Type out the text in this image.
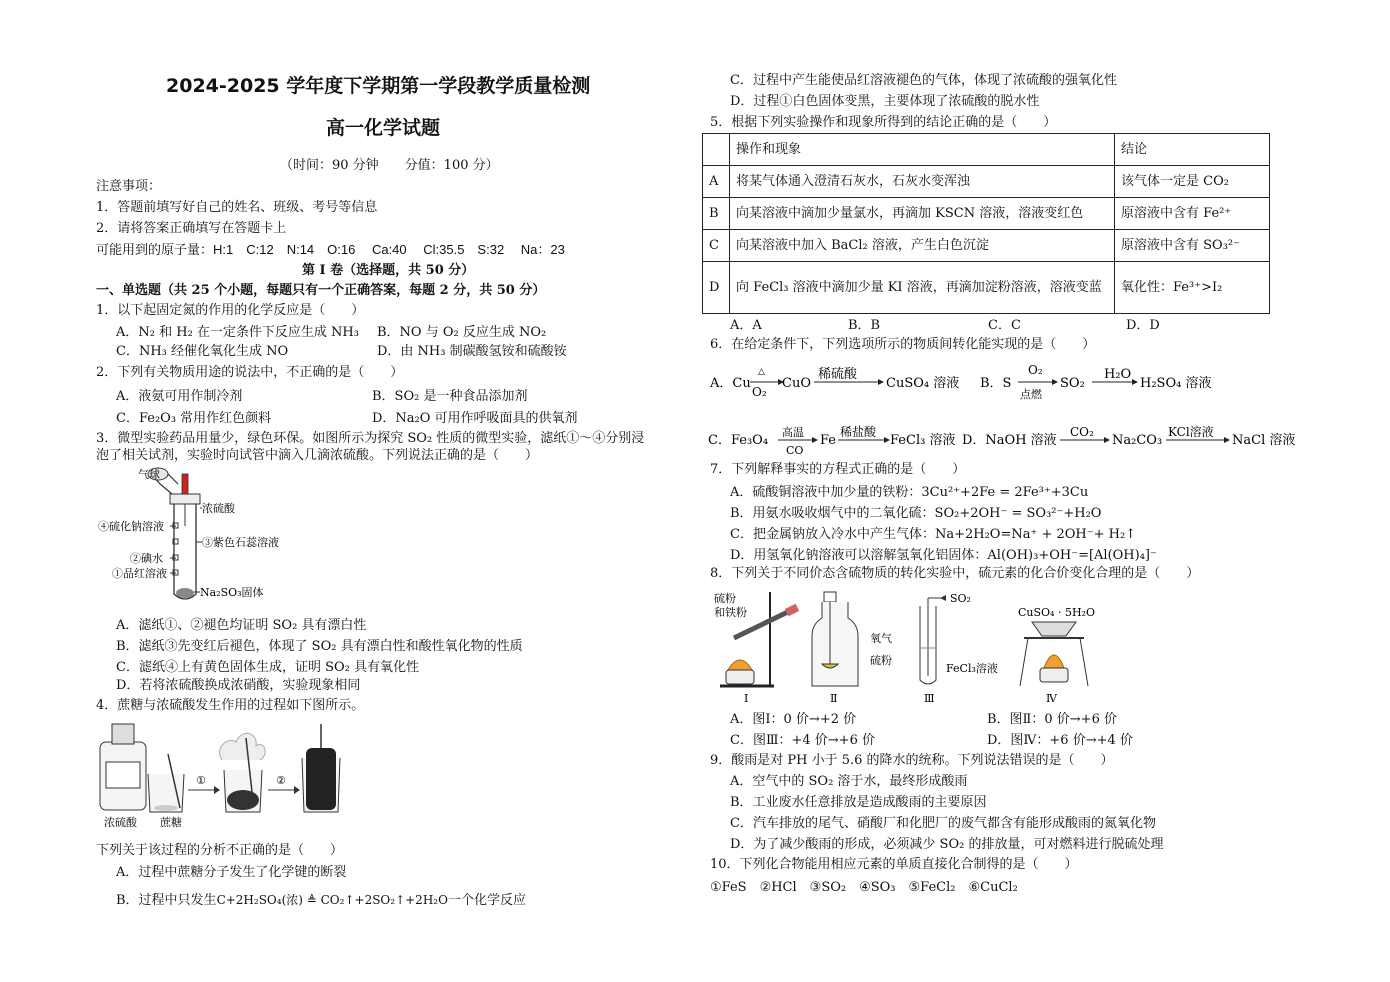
2024-2025 学年度下学期第一学段教学质量检测
高一化学试题
（时间：90 分钟　　分值：100 分）
注意事项：
1．答题前填写好自己的姓名、班级、考号等信息
2．请将答案正确填写在答题卡上
可能用到的原子量：H:1　C:12　N:14　O:16　 Ca:40　 Cl:35.5　S:32　 Na：23
第 I 卷（选择题，共 50 分）
一、单选题（共 25 个小题，每题只有一个正确答案，每题 2 分，共 50 分）
1．以下起固定氮的作用的化学反应是（　　）
A．N₂ 和 H₂ 在一定条件下反应生成 NH₃ B．NO 与 O₂ 反应生成 NO₂
C．NH₃ 经催化氧化生成 NO	D．由 NH₃ 制碳酸氢铵和硫酸铵
2．下列有关物质用途的说法中，不正确的是（　　）
A．液氨可用作制冷剂	B．SO₂ 是一种食品添加剂
C．Fe₂O₃ 常用作红色颜料	D．Na₂O 可用作呼吸面具的供氧剂
3．微型实验药品用量少，绿色环保。如图所示为探究 SO₂ 性质的微型实验，滤纸①～④分别浸
泡了相关试剂，实验时向试管中滴入几滴浓硫酸。下列说法正确的是（　　）
气球
浓硫酸
④硫化钠溶液
③紫色石蕊溶液
②碘水
①品红溶液
Na₂SO₃固体
A．滤纸①、②褪色均证明 SO₂ 具有漂白性
B．滤纸③先变红后褪色，体现了 SO₂ 具有漂白性和酸性氧化物的性质
C．滤纸④上有黄色固体生成，证明 SO₂ 具有氧化性
D．若将浓硫酸换成浓硝酸，实验现象相同
4．蔗糖与浓硫酸发生作用的过程如下图所示。
浓硫酸 蔗糖
①	②
下列关于该过程的分析不正确的是（　　）
A．过程中蔗糖分子发生了化学键的断裂
B．过程中只发生C+2H₂SO₄(浓) ≜ CO₂↑+2SO₂↑+2H₂O一个化学反应
C．过程中产生能使品红溶液褪色的气体，体现了浓硫酸的强氧化性
D．过程①白色固体变黑，主要体现了浓硫酸的脱水性
5．根据下列实验操作和现象所得到的结论正确的是（　　）
	操作和现象	结论
A	将某气体通入澄清石灰水，石灰水变浑浊	该气体一定是 CO₂
B	向某溶液中滴加少量氯水，再滴加 KSCN 溶液，溶液变红色	原溶液中含有 Fe²⁺
C	向某溶液中加入 BaCl₂ 溶液，产生白色沉淀	原溶液中含有 SO₃²⁻
D	向 FeCl₃ 溶液中滴加少量 KI 溶液，再滴加淀粉溶液，溶液变蓝	氧化性：Fe³⁺>I₂
A．A	B．B	C．C	D．D
6．在给定条件下，下列选项所示的物质间转化能实现的是（　　）
A．Cu
△
O₂
CuO
稀硫酸
CuSO₄ 溶液 B．S
O₂
点燃
SO₂
H₂O
H₂SO₄ 溶液
C．Fe₃O₄
高温
CO
Fe
稀盐酸
FeCl₃ 溶液 D．NaOH 溶液
CO₂
Na₂CO₃
KCl溶液
NaCl 溶液
7．下列解释事实的方程式正确的是（　　）
A．硫酸铜溶液中加少量的铁粉：3Cu²⁺+2Fe = 2Fe³⁺+3Cu
B．用氨水吸收烟气中的二氧化硫：SO₂+2OH⁻ = SO₃²⁻+H₂O
C．把金属钠放入冷水中产生气体：Na+2H₂O=Na⁺ + 2OH⁻+ H₂↑
D．用氢氧化钠溶液可以溶解氢氧化铝固体：Al(OH)₃+OH⁻=[Al(OH)₄]⁻
8．下列关于不同价态含硫物质的转化实验中，硫元素的化合价变化合理的是（　　）
硫粉
和铁粉
Ⅰ
氧气
硫粉
Ⅱ
SO₂
FeCl₃溶液
Ⅲ
CuSO₄ · 5H₂O
Ⅳ
A．图Ⅰ：0 价→+2 价	B．图Ⅱ：0 价→+6 价
C．图Ⅲ：+4 价→+6 价	D．图Ⅳ：+6 价→+4 价
9．酸雨是对 PH 小于 5.6 的降水的统称。下列说法错误的是（　　）
A．空气中的 SO₂ 溶于水，最终形成酸雨
B．工业废水任意排放是造成酸雨的主要原因
C．汽车排放的尾气、硝酸厂和化肥厂的废气都含有能形成酸雨的氮氧化物
D．为了减少酸雨的形成，必须减少 SO₂ 的排放量，可对燃料进行脱硫处理
10．下列化合物能用相应元素的单质直接化合制得的是（　　）
①FeS　②HCl　③SO₂　④SO₃　⑤FeCl₂　⑥CuCl₂
